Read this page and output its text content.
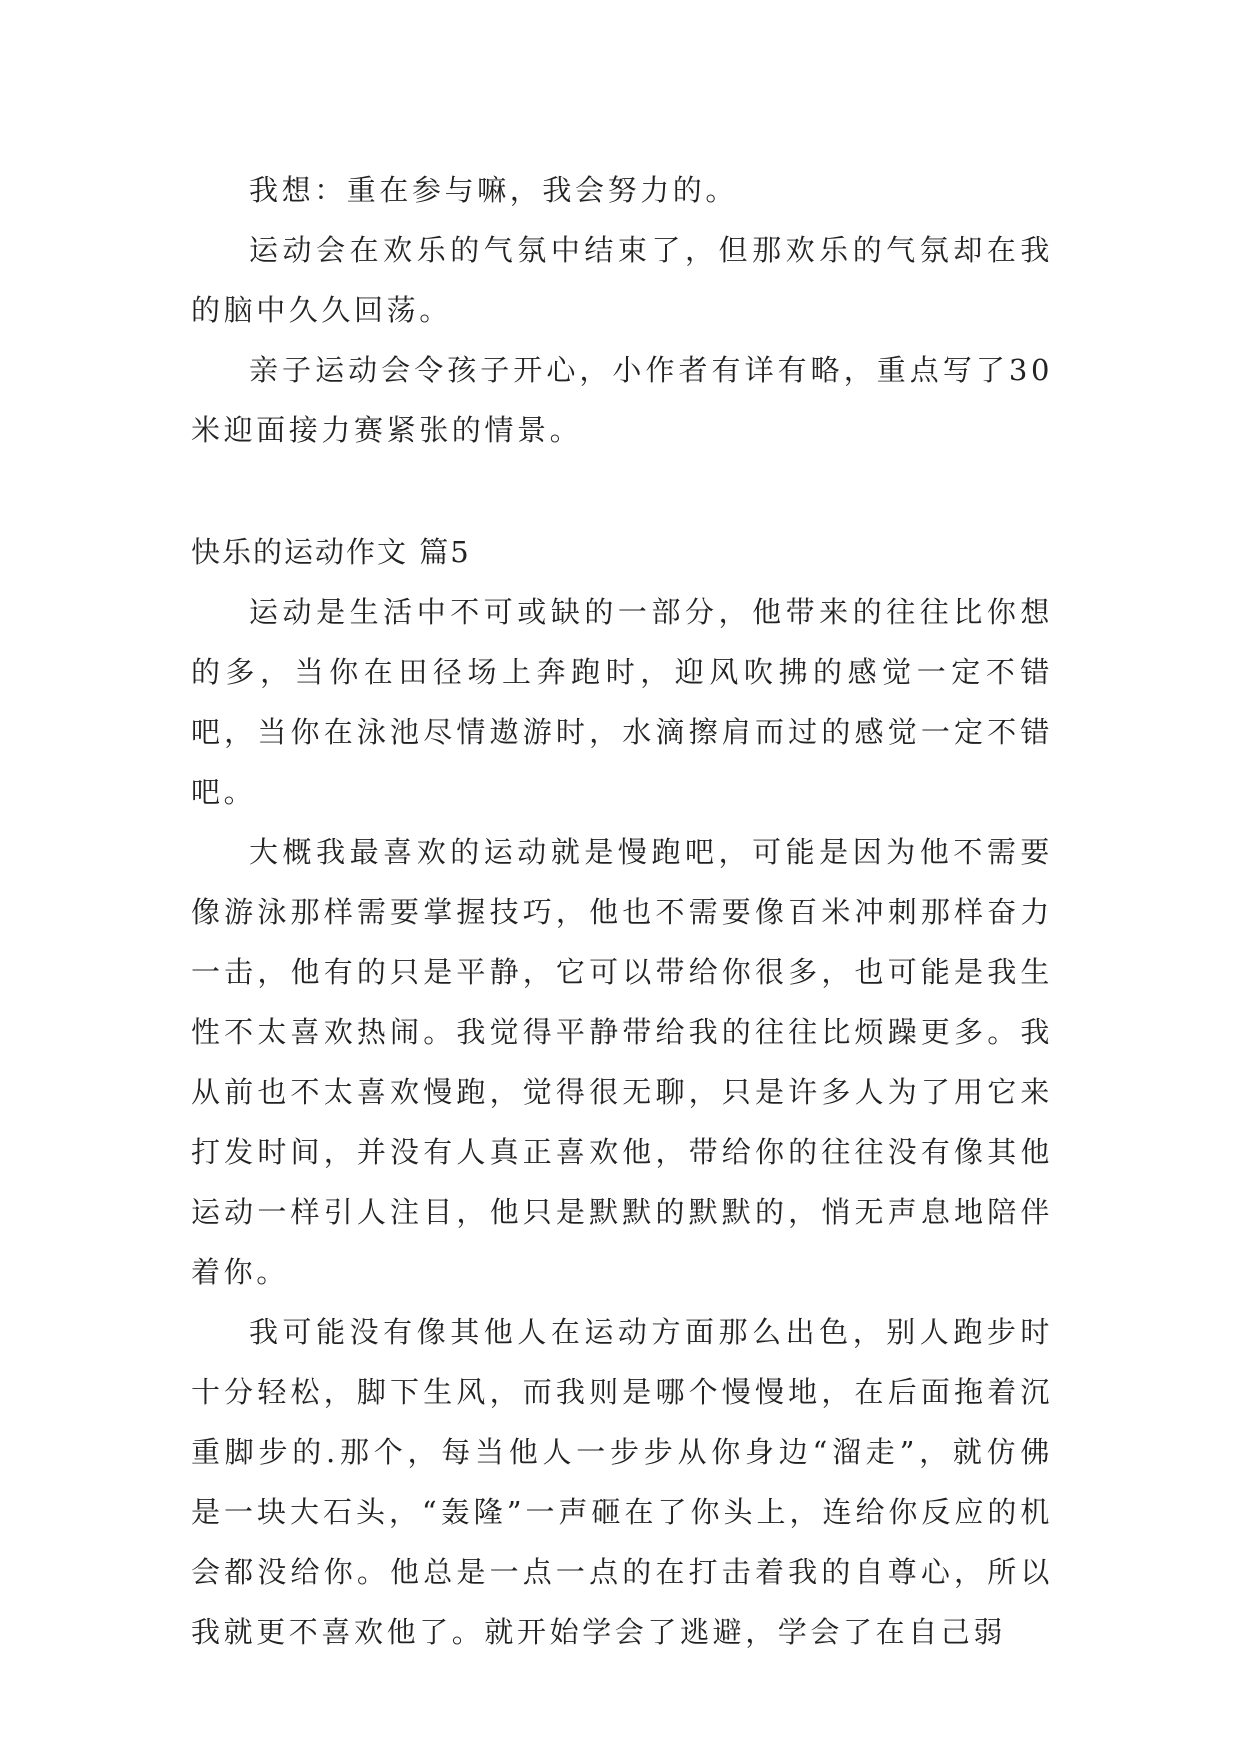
我想：重在参与嘛，我会努力的。

运动会在欢乐的气氛中结束了，但那欢乐的气氛却在我的脑中久久回荡。

亲子运动会令孩子开心，小作者有详有略，重点写了30米迎面接力赛紧张的情景。

快乐的运动作文 篇5

运动是生活中不可或缺的一部分，他带来的往往比你想的多，当你在田径场上奔跑时，迎风吹拂的感觉一定不错吧，当你在泳池尽情遨游时，水滴擦肩而过的感觉一定不错吧。

大概我最喜欢的运动就是慢跑吧，可能是因为他不需要像游泳那样需要掌握技巧，他也不需要像百米冲刺那样奋力一击，他有的只是平静，它可以带给你很多，也可能是我生性不太喜欢热闹。我觉得平静带给我的往往比烦躁更多。我从前也不太喜欢慢跑，觉得很无聊，只是许多人为了用它来打发时间，并没有人真正喜欢他，带给你的往往没有像其他运动一样引人注目，他只是默默的默默的，悄无声息地陪伴着你。

我可能没有像其他人在运动方面那么出色，别人跑步时十分轻松，脚下生风，而我则是哪个慢慢地，在后面拖着沉重脚步的.那个，每当他人一步步从你身边“溜走”，就仿佛是一块大石头，“轰隆”一声砸在了你头上，连给你反应的机会都没给你。他总是一点一点的在打击着我的自尊心，所以我就更不喜欢他了。就开始学会了逃避，学会了在自己弱
